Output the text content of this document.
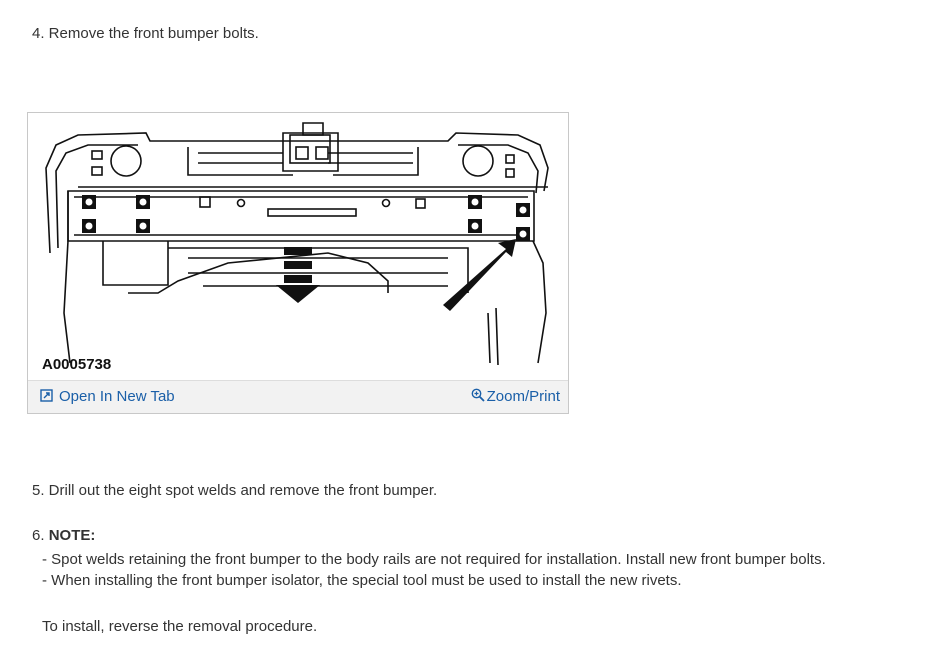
4. Remove the front bumper bolts.
A0005738
Open In New Tab	Zoom/Print
5. Drill out the eight spot welds and remove the front bumper.
6. NOTE:
- Spot welds retaining the front bumper to the body rails are not required for installation. Install new front bumper bolts.
- When installing the front bumper isolator, the special tool must be used to install the new rivets.
To install, reverse the removal procedure.
